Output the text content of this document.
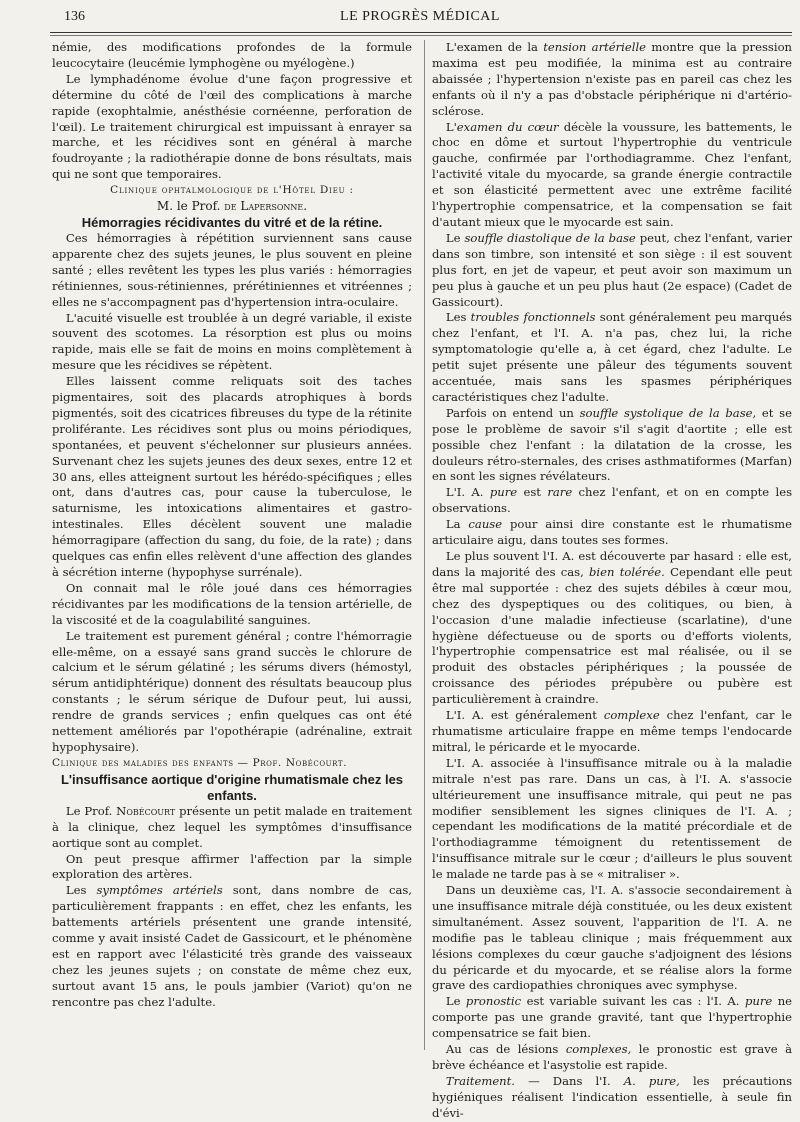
136	LE PROGRÈS MÉDICAL

némie, des modifications profondes de la formule leucocytaire (leucémie lymphogène ou myélogène.)

Le lymphadénome évolue d'une façon progressive et détermine du côté de l'œil des complications à marche rapide (exophtalmie, anésthésie cornéenne, perforation de l'œil). Le traitement chirurgical est impuissant à enrayer sa marche, et les récidives sont en général à marche foudroyante ; la radiothérapie donne de bons résultats, mais qui ne sont que temporaires.

Clinique ophtalmologique de l'Hôtel Dieu :

M. le Prof. de Lapersonne.

Hémorragies récidivantes du vitré et de la rétine.

Ces hémorragies à répétition surviennent sans cause apparente chez des sujets jeunes, le plus souvent en pleine santé ; elles revêtent les types les plus variés : hémorragies rétiniennes, sous-rétiniennes, prérétiniennes et vitréennes ; elles ne s'accompagnent pas d'hypertension intra-oculaire.

L'acuité visuelle est troublée à un degré variable, il existe souvent des scotomes. La résorption est plus ou moins rapide, mais elle se fait de moins en moins complètement à mesure que les récidives se répètent.

Elles laissent comme reliquats soit des taches pigmentaires, soit des placards atrophiques à bords pigmentés, soit des cicatrices fibreuses du type de la rétinite proliférante. Les récidives sont plus ou moins périodiques, spontanées, et peuvent s'échelonner sur plusieurs années. Survenant chez les sujets jeunes des deux sexes, entre 12 et 30 ans, elles atteignent surtout les hérédo-spécifiques ; elles ont, dans d'autres cas, pour cause la tuberculose, le saturnisme, les intoxications alimentaires et gastro-intestinales. Elles décèlent souvent une maladie hémorragipare (affection du sang, du foie, de la rate) ; dans quelques cas enfin elles relèvent d'une affection des glandes à sécrétion interne (hypophyse surrénale).

On connait mal le rôle joué dans ces hémorragies récidivantes par les modifications de la tension artérielle, de la viscosité et de la coagulabilité sanguines.

Le traitement est purement général ; contre l'hémorragie elle-même, on a essayé sans grand succès le chlorure de calcium et le sérum gélatiné ; les sérums divers (hémostyl, sérum antidiphtérique) donnent des résultats beaucoup plus constants ; le sérum sérique de Dufour peut, lui aussi, rendre de grands services ; enfin quelques cas ont été nettement améliorés par l'opothérapie (adrénaline, extrait hypophysaire).

Clinique des maladies des enfants — Prof. Nobécourt.

L'insuffisance aortique d'origine rhumatismale chez les enfants.

Le Prof. Nobécourt présente un petit malade en traitement à la clinique, chez lequel les symptômes d'insuffisance aortique sont au complet.

On peut presque affirmer l'affection par la simple exploration des artères.

Les symptômes artériels sont, dans nombre de cas, particulièrement frappants : en effet, chez les enfants, les battements artériels présentent une grande intensité, comme y avait insisté Cadet de Gassicourt, et le phénomène est en rapport avec l'élasticité très grande des vaisseaux chez les jeunes sujets ; on constate de même chez eux, surtout avant 15 ans, le pouls jambier (Variot) qu'on ne rencontre pas chez l'adulte.

L'examen de la tension artérielle montre que la pression maxima est peu modifiée, la minima est au contraire abaissée ; l'hypertension n'existe pas en pareil cas chez les enfants où il n'y a pas d'obstacle périphérique ni d'artério-sclérose.

L'examen du cœur décèle la voussure, les battements, le choc en dôme et surtout l'hypertrophie du ventricule gauche, confirmée par l'orthodiagramme. Chez l'enfant, l'activité vitale du myocarde, sa grande énergie contractile et son élasticité permettent avec une extrême facilité l'hypertrophie compensatrice, et la compensation se fait d'autant mieux que le myocarde est sain.

Le souffle diastolique de la base peut, chez l'enfant, varier dans son timbre, son intensité et son siège : il est souvent plus fort, en jet de vapeur, et peut avoir son maximum un peu plus à gauche et un peu plus haut (2e espace) (Cadet de Gassicourt).

Les troubles fonctionnels sont généralement peu marqués chez l'enfant, et l'I. A. n'a pas, chez lui, la riche symptomatologie qu'elle a, à cet égard, chez l'adulte. Le petit sujet présente une pâleur des téguments souvent accentuée, mais sans les spasmes périphériques caractéristiques chez l'adulte.

Parfois on entend un souffle systolique de la base, et se pose le problème de savoir s'il s'agit d'aortite ; elle est possible chez l'enfant : la dilatation de la crosse, les douleurs rétro-sternales, des crises asthmatiformes (Marfan) en sont les signes révélateurs.

L'I. A. pure est rare chez l'enfant, et on en compte les observations.

La cause pour ainsi dire constante est le rhumatisme articulaire aigu, dans toutes ses formes.

Le plus souvent l'I. A. est découverte par hasard : elle est, dans la majorité des cas, bien tolérée. Cependant elle peut être mal supportée : chez des sujets débiles à cœur mou, chez des dyspeptiques ou des colitiques, ou bien, à l'occasion d'une maladie infectieuse (scarlatine), d'une hygiène défectueuse ou de sports ou d'efforts violents, l'hypertrophie compensatrice est mal réalisée, ou il se produit des obstacles périphériques ; la poussée de croissance des périodes prépubère ou pubère est particulièrement à craindre.

L'I. A. est généralement complexe chez l'enfant, car le rhumatisme articulaire frappe en même temps l'endocarde mitral, le péricarde et le myocarde.

L'I. A. associée à l'insuffisance mitrale ou à la maladie mitrale n'est pas rare. Dans un cas, à l'I. A. s'associe ultérieurement une insuffisance mitrale, qui peut ne pas modifier sensiblement les signes cliniques de l'I. A. ; cependant les modifications de la matité précordiale et de l'orthodiagramme témoignent du retentissement de l'insuffisance mitrale sur le cœur ; d'ailleurs le plus souvent le malade ne tarde pas à se « mitraliser ».

Dans un deuxième cas, l'I. A. s'associe secondairement à une insuffisance mitrale déjà constituée, ou les deux existent simultanément. Assez souvent, l'apparition de l'I. A. ne modifie pas le tableau clinique ; mais fréquemment aux lésions complexes du cœur gauche s'adjoignent des lésions du péricarde et du myocarde, et se réalise alors la forme grave des cardiopathies chroniques avec symphyse.

Le pronostic est variable suivant les cas : l'I. A. pure ne comporte pas une grande gravité, tant que l'hypertrophie compensatrice se fait bien.

Au cas de lésions complexes, le pronostic est grave à brève échéance et l'asystolie est rapide.

Traitement. — Dans l'I. A. pure, les précautions hygiéniques réalisent l'indication essentielle, à seule fin d'évi-
